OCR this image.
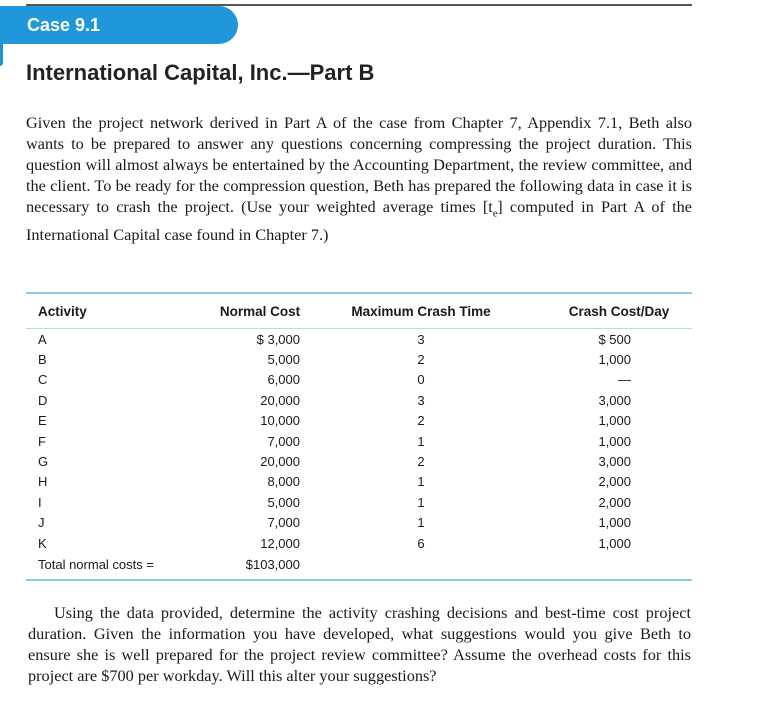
Case 9.1
International Capital, Inc.—Part B

Given the project network derived in Part A of the case from Chapter 7, Appendix 7.1, Beth also wants to be prepared to answer any questions concerning compressing the project duration. This question will almost always be entertained by the Accounting Department, the review committee, and the client. To be ready for the compression question, Beth has prepared the following data in case it is necessary to crash the project. (Use your weighted average times $[t_e]$ computed in Part A of the International Capital case found in Chapter 7.)

Activity	Normal Cost	Maximum Crash Time	Crash Cost/Day
A	$ 3,000	3	$ 500
B	5,000	2	1,000
C	6,000	0	—
D	20,000	3	3,000
E	10,000	2	1,000
F	7,000	1	1,000
G	20,000	2	3,000
H	8,000	1	2,000
I	5,000	1	2,000
J	7,000	1	1,000
K	12,000	6	1,000
Total normal costs =	$103,000		

Using the data provided, determine the activity crashing decisions and best-time cost project duration. Given the information you have developed, what suggestions would you give Beth to ensure she is well prepared for the project review committee? Assume the overhead costs for this project are $700 per workday. Will this alter your suggestions?
